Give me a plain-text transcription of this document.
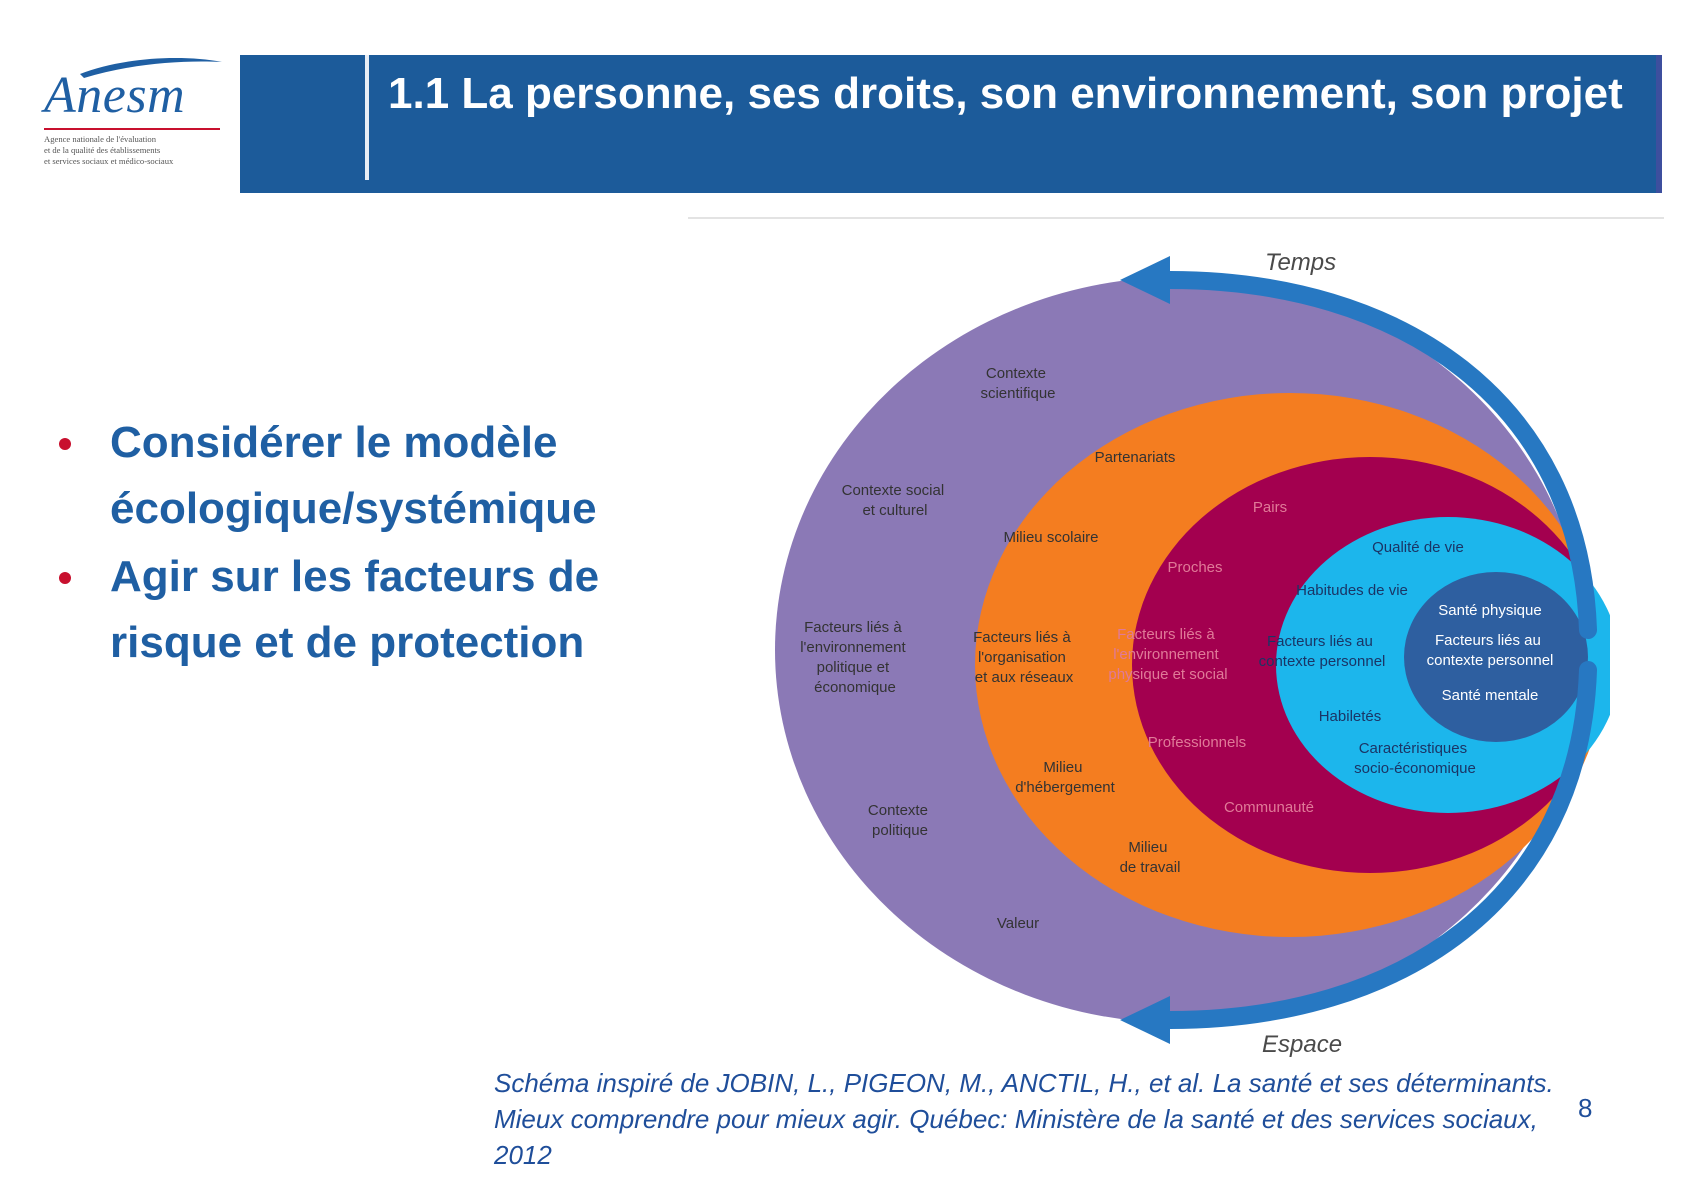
Anesm
Agence nationale de l'évaluation
et de la qualité des établissements
et services sociaux et médico-sociaux
1.1 La personne, ses droits, son environnement, son projet
Considérer le modèle écologique/systémique
Agir sur les facteurs de risque et de protection
Temps
Espace
Contexte scientifique
Contexte social et culturel
Facteurs liés à l'environnement politique et économique
Contexte politique
Valeur
Partenariats
Milieu scolaire
Facteurs liés à l'organisation et aux réseaux
Milieu d'hébergement
Milieu de travail
Pairs
Proches
Facteurs liés à l'environnement physique et social
Professionnels
Communauté
Qualité de vie
Habitudes de vie
Facteurs liés au contexte personnel
Habiletés
Caractéristiques socio-économique
Santé physique
Facteurs liés au contexte personnel
Santé mentale
Schéma inspiré de JOBIN, L., PIGEON, M., ANCTIL, H., et al. La santé et ses déterminants. Mieux comprendre pour mieux agir. Québec: Ministère de la santé et des services sociaux, 2012
8
